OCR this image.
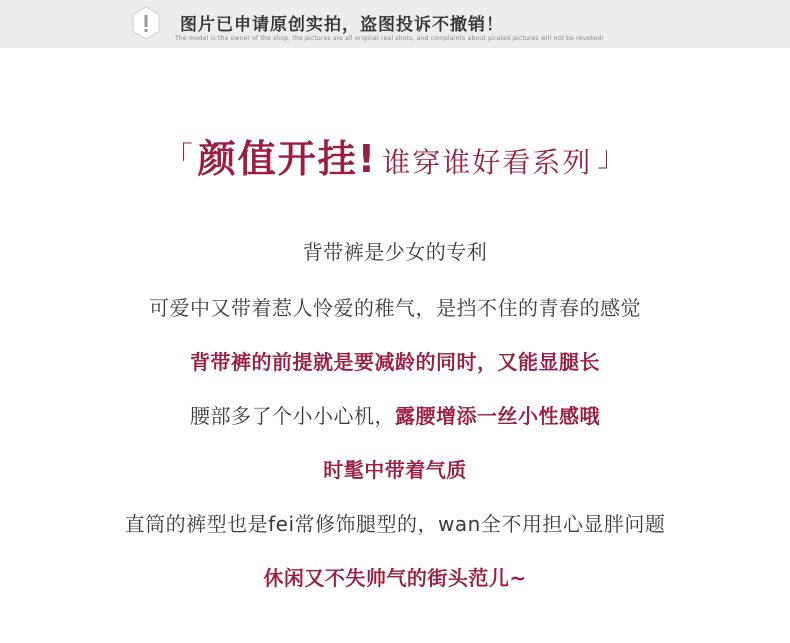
图片已申请原创实拍，盗图投诉不撤销！
The model is the owner of the shop, the pictures are all original real shots, and complaints about pirated pictures will not be revoked!
「 颜值开挂! 谁穿谁好看系列 」
背带裤是少女的专利
可爱中又带着惹人怜爱的稚气，是挡不住的青春的感觉
背带裤的前提就是要减龄的同时，又能显腿长
腰部多了个小小心机，露腰增添一丝小性感哦
时髦中带着气质
直筒的裤型也是fei常修饰腿型的，wan全不用担心显胖问题
休闲又不失帅气的街头范儿~
